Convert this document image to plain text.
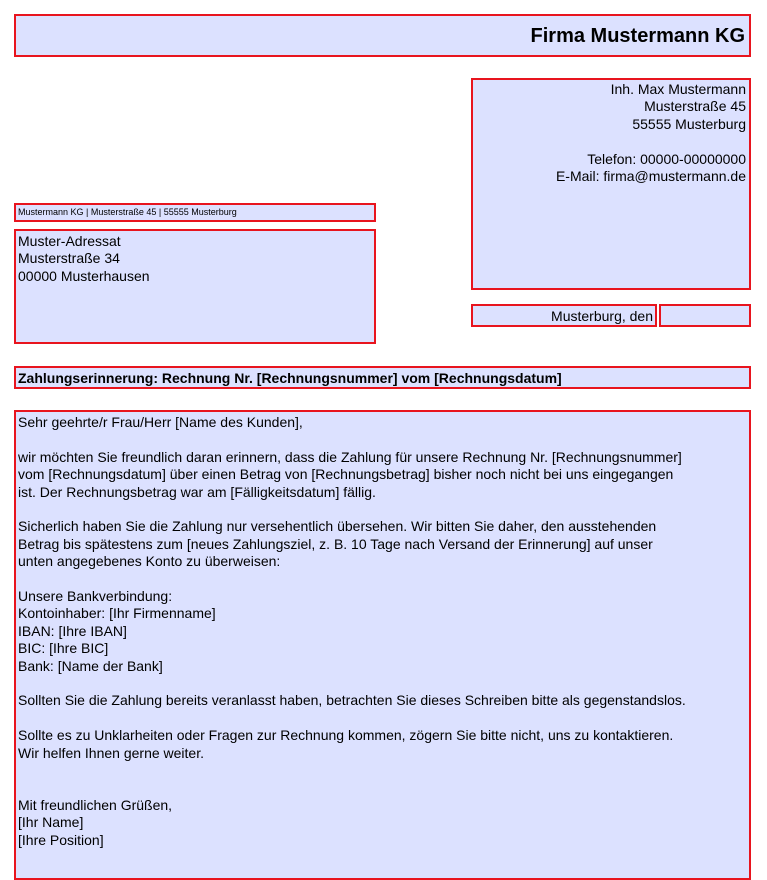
Firma Mustermann KG
Inh. Max Mustermann
Musterstraße 45
55555 Musterburg
Telefon: 00000-00000000
E-Mail: firma@mustermann.de
Mustermann KG | Musterstraße 45 | 55555 Musterburg
Muster-Adressat
Musterstraße 34
00000 Musterhausen
Musterburg, den
Zahlungserinnerung: Rechnung Nr. [Rechnungsnummer] vom [Rechnungsdatum]

Sehr geehrte/r Frau/Herr [Name des Kunden],

wir möchten Sie freundlich daran erinnern, dass die Zahlung für unsere Rechnung Nr. [Rechnungsnummer]
vom [Rechnungsdatum] über einen Betrag von [Rechnungsbetrag] bisher noch nicht bei uns eingegangen
ist. Der Rechnungsbetrag war am [Fälligkeitsdatum] fällig.

Sicherlich haben Sie die Zahlung nur versehentlich übersehen. Wir bitten Sie daher, den ausstehenden
Betrag bis spätestens zum [neues Zahlungsziel, z. B. 10 Tage nach Versand der Erinnerung] auf unser
unten angegebenes Konto zu überweisen:

Unsere Bankverbindung:
Kontoinhaber: [Ihr Firmenname]
IBAN: [Ihre IBAN]
BIC: [Ihre BIC]
Bank: [Name der Bank]

Sollten Sie die Zahlung bereits veranlasst haben, betrachten Sie dieses Schreiben bitte als gegenstandslos.

Sollte es zu Unklarheiten oder Fragen zur Rechnung kommen, zögern Sie bitte nicht, uns zu kontaktieren.
Wir helfen Ihnen gerne weiter.

Mit freundlichen Grüßen,
[Ihr Name]
[Ihre Position]
